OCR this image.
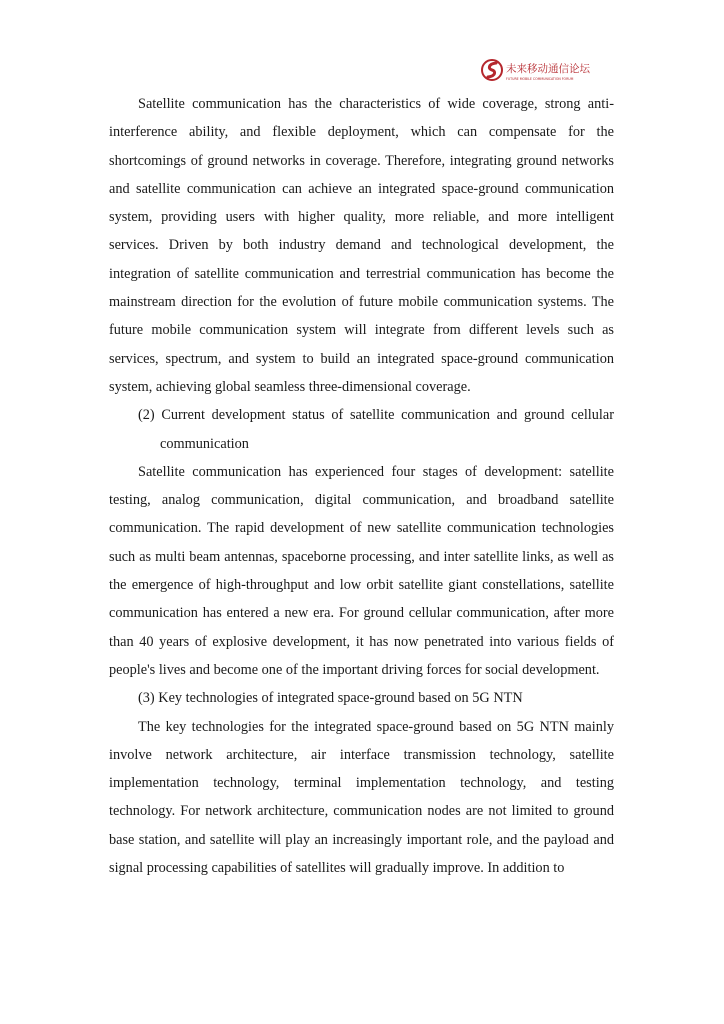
未来移动通信论坛
FUTURE MOBILE COMMUNICATION FORUM

Satellite communication has the characteristics of wide coverage, strong anti-interference ability, and flexible deployment, which can compensate for the shortcomings of ground networks in coverage. Therefore, integrating ground networks and satellite communication can achieve an integrated space-ground communication system, providing users with higher quality, more reliable, and more intelligent services. Driven by both industry demand and technological development, the integration of satellite communication and terrestrial communication has become the mainstream direction for the evolution of future mobile communication systems. The future mobile communication system will integrate from different levels such as services, spectrum, and system to build an integrated space-ground communication system, achieving global seamless three-dimensional coverage.

(2) Current development status of satellite communication and ground cellular communication

Satellite communication has experienced four stages of development: satellite testing, analog communication, digital communication, and broadband satellite communication. The rapid development of new satellite communication technologies such as multi beam antennas, spaceborne processing, and inter satellite links, as well as the emergence of high-throughput and low orbit satellite giant constellations, satellite communication has entered a new era. For ground cellular communication, after more than 40 years of explosive development, it has now penetrated into various fields of people's lives and become one of the important driving forces for social development.

(3) Key technologies of integrated space-ground based on 5G NTN

The key technologies for the integrated space-ground based on 5G NTN mainly involve network architecture, air interface transmission technology, satellite implementation technology, terminal implementation technology, and testing technology. For network architecture, communication nodes are not limited to ground base station, and satellite will play an increasingly important role, and the payload and signal processing capabilities of satellites will gradually improve. In addition to
